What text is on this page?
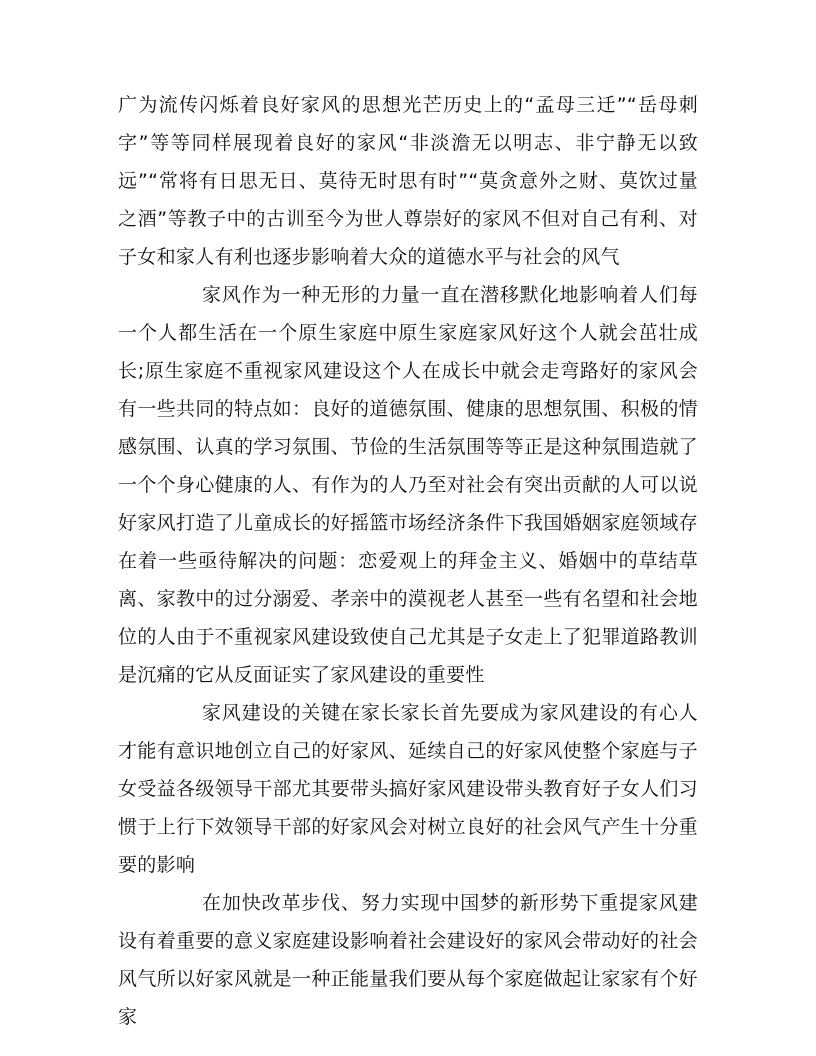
广为流传闪烁着良好家风的思想光芒历史上的“孟母三迁”“岳母刺字”等等同样展现着良好的家风“非淡澹无以明志、非宁静无以致远”“常将有日思无日、莫待无时思有时”“莫贪意外之财、莫饮过量之酒”等教子中的古训至今为世人尊崇好的家风不但对自己有利、对子女和家人有利也逐步影响着大众的道德水平与社会的风气

家风作为一种无形的力量一直在潜移默化地影响着人们每一个人都生活在一个原生家庭中原生家庭家风好这个人就会茁壮成长;原生家庭不重视家风建设这个人在成长中就会走弯路好的家风会有一些共同的特点如：良好的道德氛围、健康的思想氛围、积极的情感氛围、认真的学习氛围、节俭的生活氛围等等正是这种氛围造就了一个个身心健康的人、有作为的人乃至对社会有突出贡献的人可以说好家风打造了儿童成长的好摇篮市场经济条件下我国婚姻家庭领域存在着一些亟待解决的问题：恋爱观上的拜金主义、婚姻中的草结草离、家教中的过分溺爱、孝亲中的漠视老人甚至一些有名望和社会地位的人由于不重视家风建设致使自己尤其是子女走上了犯罪道路教训是沉痛的它从反面证实了家风建设的重要性

家风建设的关键在家长家长首先要成为家风建设的有心人才能有意识地创立自己的好家风、延续自己的好家风使整个家庭与子女受益各级领导干部尤其要带头搞好家风建设带头教育好子女人们习惯于上行下效领导干部的好家风会对树立良好的社会风气产生十分重要的影响

在加快改革步伐、努力实现中国梦的新形势下重提家风建设有着重要的意义家庭建设影响着社会建设好的家风会带动好的社会风气所以好家风就是一种正能量我们要从每个家庭做起让家家有个好家
